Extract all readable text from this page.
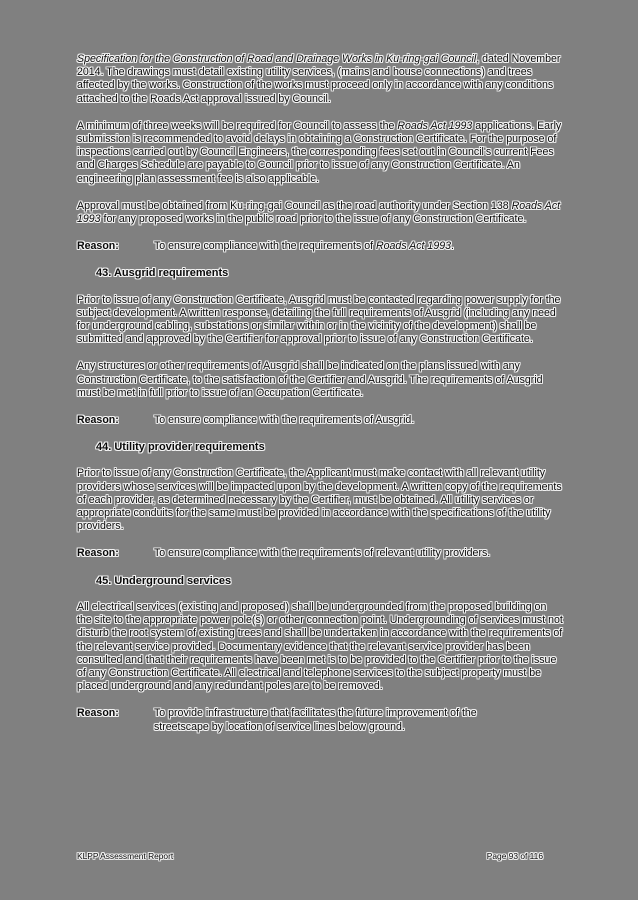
Specification for the Construction of Road and Drainage Works in Ku-ring-gai Council, dated November 2014. The drawings must detail existing utility services, (mains and house connections) and trees affected by the works. Construction of the works must proceed only in accordance with any conditions attached to the Roads Act approval issued by Council.

A minimum of three weeks will be required for Council to assess the Roads Act 1993 applications. Early submission is recommended to avoid delays in obtaining a Construction Certificate. For the purpose of inspections carried out by Council Engineers, the corresponding fees set out in Council's current Fees and Charges Schedule are payable to Council prior to issue of any Construction Certificate. An engineering plan assessment fee is also applicable.

Approval must be obtained from Ku-ring-gai Council as the road authority under Section 138 Roads Act 1993 for any proposed works in the public road prior to the issue of any Construction Certificate.

Reason:	To ensure compliance with the requirements of Roads Act 1993.
43. Ausgrid requirements

Prior to issue of any Construction Certificate, Ausgrid must be contacted regarding power supply for the subject development. A written response, detailing the full requirements of Ausgrid (including any need for underground cabling, substations or similar within or in the vicinity of the development) shall be submitted and approved by the Certifier for approval prior to issue of any Construction Certificate.

Any structures or other requirements of Ausgrid shall be indicated on the plans issued with any Construction Certificate, to the satisfaction of the Certifier and Ausgrid. The requirements of Ausgrid must be met in full prior to issue of an Occupation Certificate.

Reason:	To ensure compliance with the requirements of Ausgrid.
44. Utility provider requirements

Prior to issue of any Construction Certificate, the Applicant must make contact with all relevant utility providers whose services will be impacted upon by the development. A written copy of the requirements of each provider, as determined necessary by the Certifier, must be obtained. All utility services or appropriate conduits for the same must be provided in accordance with the specifications of the utility providers.

Reason:	To ensure compliance with the requirements of relevant utility providers.
45. Underground services

All electrical services (existing and proposed) shall be undergrounded from the proposed building on the site to the appropriate power pole(s) or other connection point. Undergrounding of services must not disturb the root system of existing trees and shall be undertaken in accordance with the requirements of the relevant service provided. Documentary evidence that the relevant service provider has been consulted and that their requirements have been met is to be provided to the Certifier prior to the issue of any Construction Certificate. All electrical and telephone services to the subject property must be placed underground and any redundant poles are to be removed.

Reason:	To provide infrastructure that facilitates the future improvement of the streetscape by location of service lines below ground.
KLPP Assessment Report	Page 93 of 116
